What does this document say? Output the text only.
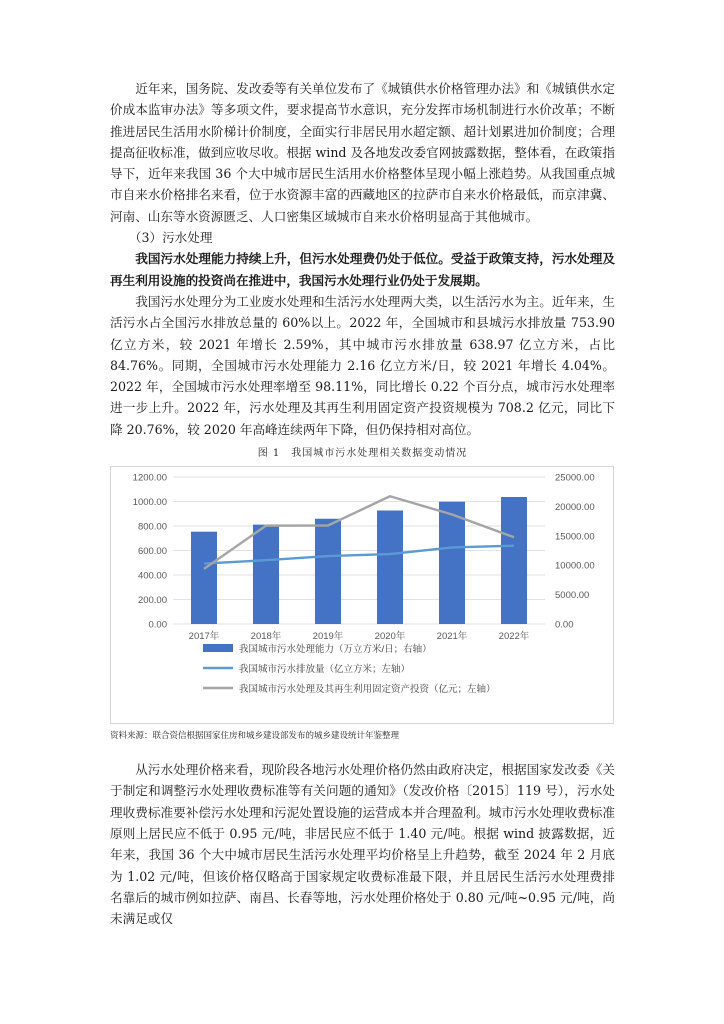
近年来，国务院、发改委等有关单位发布了《城镇供水价格管理办法》和《城镇供水定价成本监审办法》等多项文件，要求提高节水意识，充分发挥市场机制进行水价改革；不断推进居民生活用水阶梯计价制度，全面实行非居民用水超定额、超计划累进加价制度；合理提高征收标准，做到应收尽收。根据 wind 及各地发改委官网披露数据，整体看，在政策指导下，近年来我国 36 个大中城市居民生活用水价格整体呈现小幅上涨趋势。从我国重点城市自来水价格排名来看，位于水资源丰富的西藏地区的拉萨市自来水价格最低，而京津冀、河南、山东等水资源匮乏、人口密集区域城市自来水价格明显高于其他城市。

（3）污水处理

我国污水处理能力持续上升，但污水处理费仍处于低位。受益于政策支持，污水处理及再生利用设施的投资尚在推进中，我国污水处理行业仍处于发展期。

我国污水处理分为工业废水处理和生活污水处理两大类，以生活污水为主。近年来，生活污水占全国污水排放总量的 60%以上。2022 年，全国城市和县城污水排放量 753.90 亿立方米，较 2021 年增长 2.59%，其中城市污水排放量 638.97 亿立方米，占比 84.76%。同期，全国城市污水处理能力 2.16 亿立方米/日，较 2021 年增长 4.04%。2022 年，全国城市污水处理率增至 98.11%，同比增长 0.22 个百分点，城市污水处理率进一步上升。2022 年，污水处理及其再生利用固定资产投资规模为 708.2 亿元，同比下降 20.76%，较 2020 年高峰连续两年下降，但仍保持相对高位。

图 1　我国城市污水处理相关数据变动情况
0.00
200.00
400.00
600.00
800.00
1000.00
1200.00
0.00
5000.00
10000.00
15000.00
20000.00
25000.00
2017年	2018年	2019年	2020年	2021年	2022年
我国城市污水处理能力（万立方米/日；右轴）
我国城市污水排放量（亿立方米；左轴）
我国城市污水处理及其再生利用固定资产投资（亿元；左轴）
资料来源：联合资信根据国家住房和城乡建设部发布的城乡建设统计年鉴整理

从污水处理价格来看，现阶段各地污水处理价格仍然由政府决定，根据国家发改委《关于制定和调整污水处理收费标准等有关问题的通知》（发改价格〔2015〕119 号），污水处理收费标准要补偿污水处理和污泥处置设施的运营成本并合理盈利。城市污水处理收费标准原则上居民应不低于 0.95 元/吨，非居民应不低于 1.40 元/吨。根据 wind 披露数据，近年来，我国 36 个大中城市居民生活污水处理平均价格呈上升趋势，截至 2024 年 2 月底为 1.02 元/吨，但该价格仅略高于国家规定收费标准最下限，并且居民生活污水处理费排名靠后的城市例如拉萨、南昌、长春等地，污水处理价格处于 0.80 元/吨~0.95 元/吨，尚未满足或仅
